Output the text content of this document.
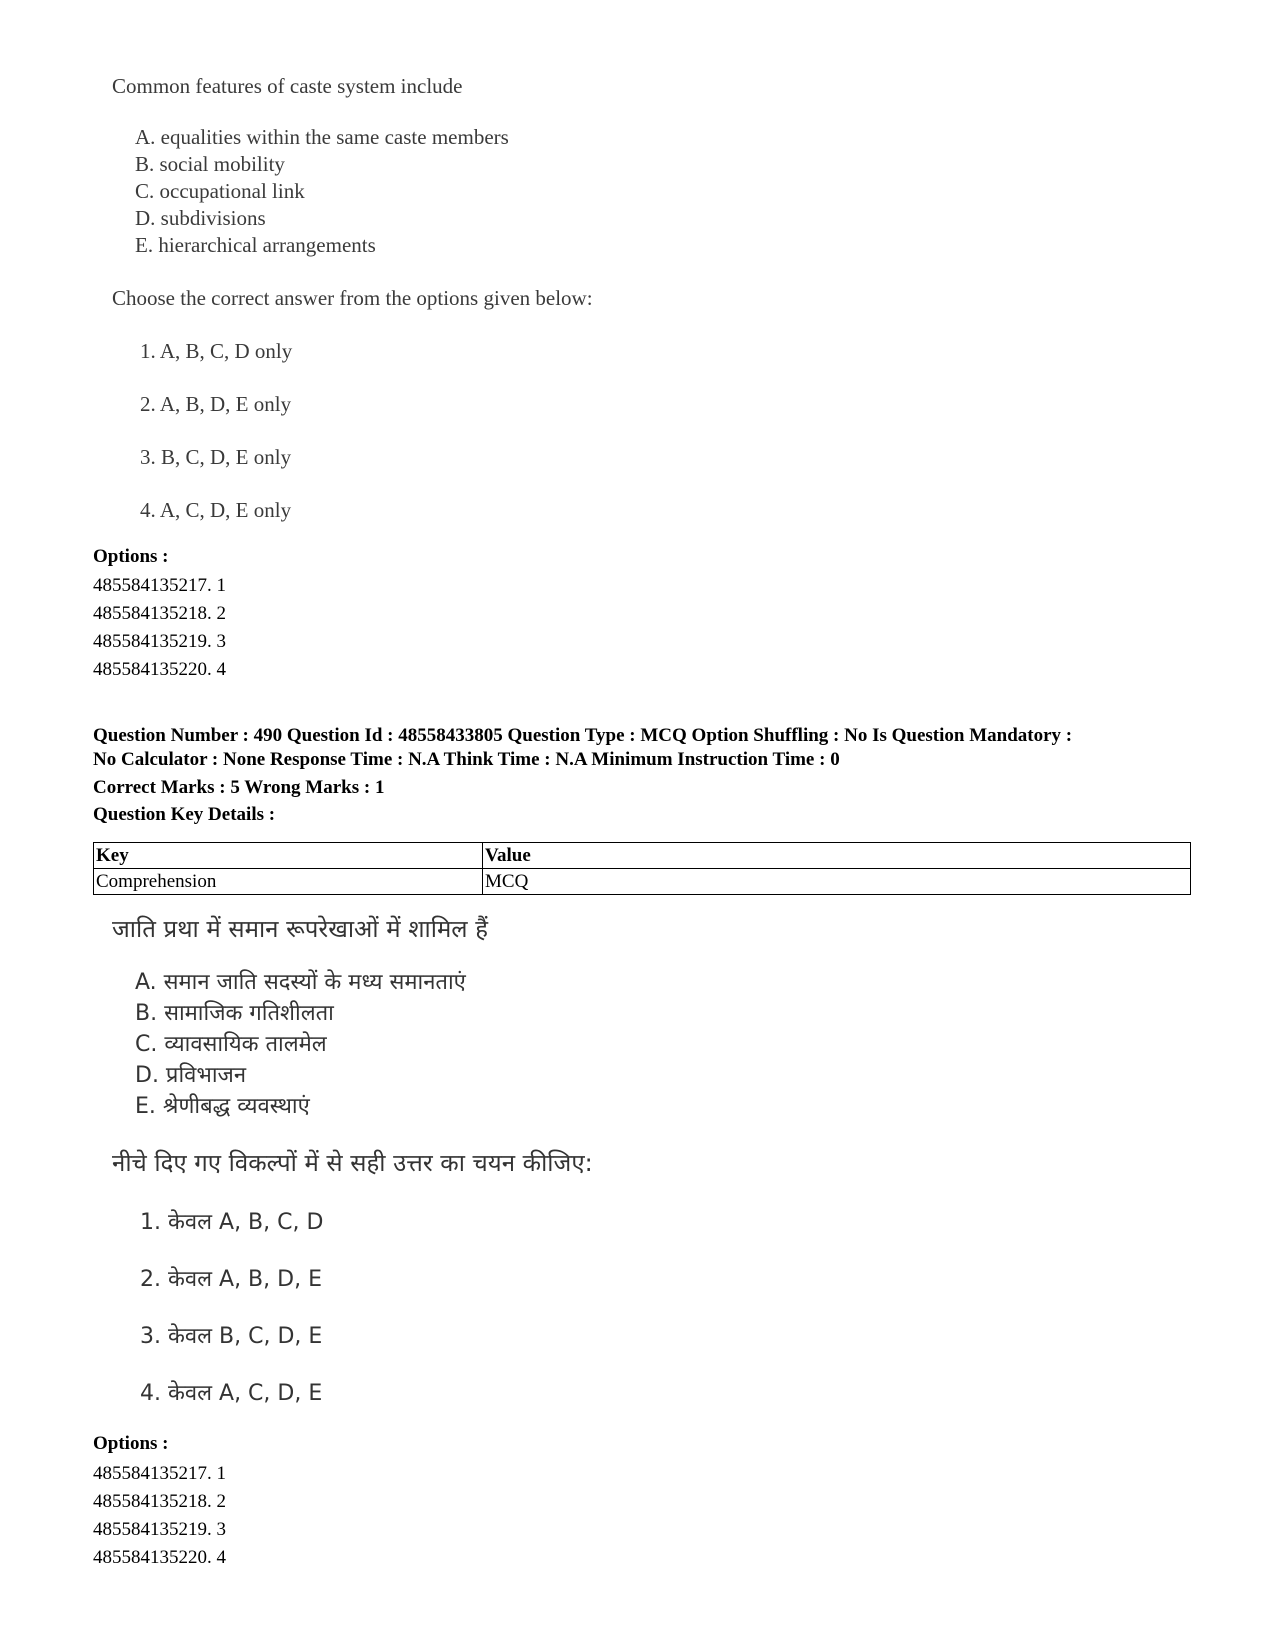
Common features of caste system include
A. equalities within the same caste members
B. social mobility
C. occupational link
D. subdivisions
E. hierarchical arrangements
Choose the correct answer from the options given below:
1. A, B, C, D only
2. A, B, D, E only
3. B, C, D, E only
4. A, C, D, E only
Options :
485584135217. 1
485584135218. 2
485584135219. 3
485584135220. 4
Question Number : 490 Question Id : 48558433805 Question Type : MCQ Option Shuffling : No Is Question Mandatory :
No Calculator : None Response Time : N.A Think Time : N.A Minimum Instruction Time : 0
Correct Marks : 5 Wrong Marks : 1
Question Key Details :
Key	Value
Comprehension	MCQ
जाति प्रथा में समान रूपरेखाओं में शामिल हैं
A. समान जाति सदस्यों के मध्य समानताएं
B. सामाजिक गतिशीलता
C. व्यावसायिक तालमेल
D. प्रविभाजन
E. श्रेणीबद्ध व्यवस्थाएं
नीचे दिए गए विकल्पों में से सही उत्तर का चयन कीजिए:
1. केवल A, B, C, D
2. केवल A, B, D, E
3. केवल B, C, D, E
4. केवल A, C, D, E
Options :
485584135217. 1
485584135218. 2
485584135219. 3
485584135220. 4
